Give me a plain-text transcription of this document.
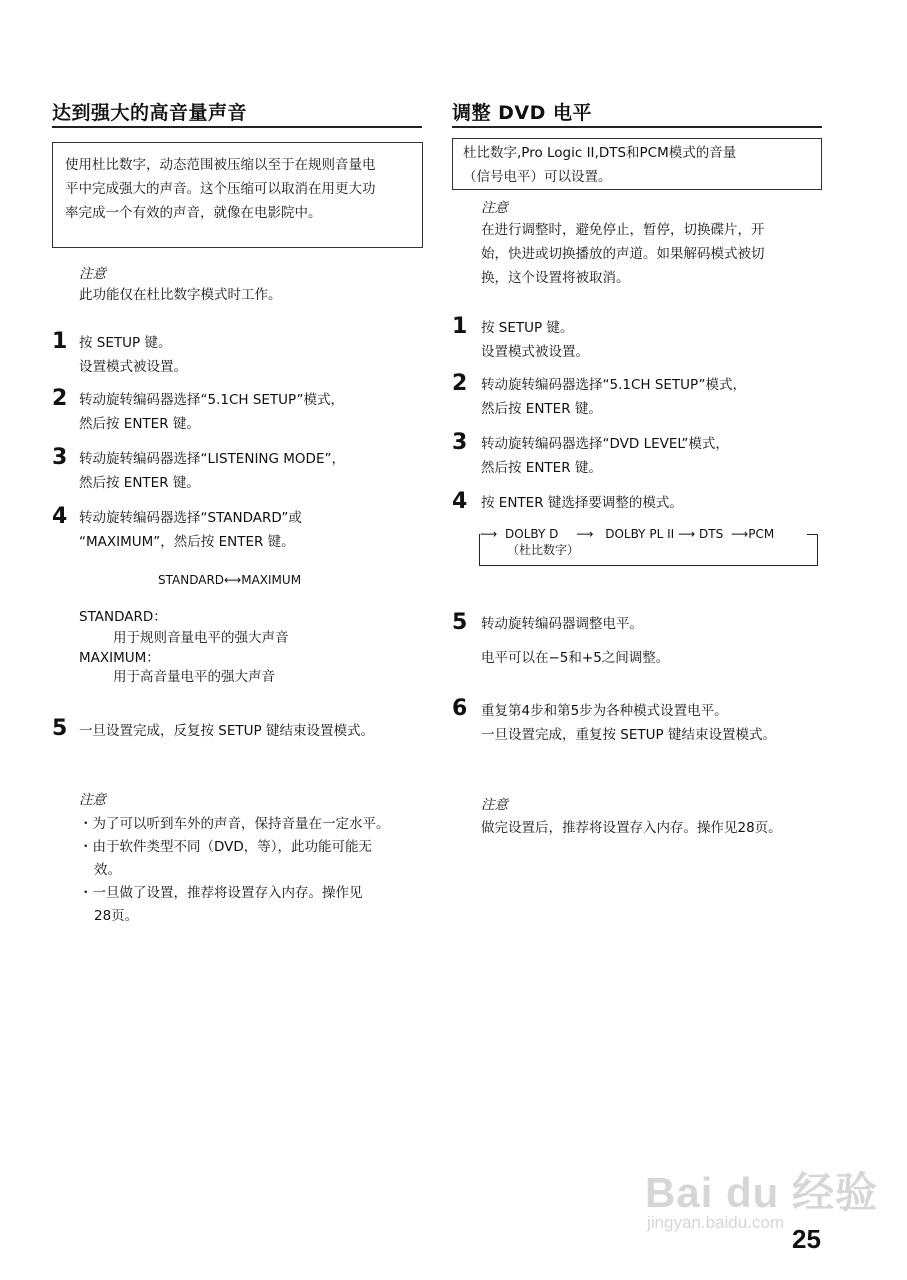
达到强大的高音量声音

使用杜比数字，动态范围被压缩以至于在规则音量电

平中完成强大的声音。这个压缩可以取消在用更大功

率完成一个有效的声音，就像在电影院中。

注意
此功能仅在杜比数字模式时工作。
1 按 SETUP 键。
设置模式被设置。
2 转动旋转编码器选择“5.1CH SETUP”模式，
然后按 ENTER 键。
3 转动旋转编码器选择“LISTENING MODE”，
然后按 ENTER 键。
4 转动旋转编码器选择“STANDARD”或
“MAXIMUM”，然后按 ENTER 键。
STANDARD⟷MAXIMUM
STANDARD：
用于规则音量电平的强大声音
MAXIMUM：
用于高音量电平的强大声音
5 一旦设置完成，反复按 SETUP 键结束设置模式。
注意
・为了可以听到车外的声音，保持音量在一定水平。
・由于软件类型不同（DVD，等），此功能可能无
效。
・一旦做了设置，推荐将设置存入内存。操作见
28页。
调整 DVD 电平

杜比数字,Pro Logic II,DTS和PCM模式的音量

（信号电平）可以设置。

注意
在进行调整时，避免停止，暂停，切换碟片，开
始，快进或切换播放的声道。如果解码模式被切
换，这个设置将被取消。
1 按 SETUP 键。
设置模式被设置。
2 转动旋转编码器选择“5.1CH SETUP”模式，
然后按 ENTER 键。
3 转动旋转编码器选择“DVD LEVEL”模式，
然后按 ENTER 键。
4 按 ENTER 键选择要调整的模式。
⟶ DOLBY D ⟶ DOLBY PL II ⟶ DTS ⟶PCM
（杜比数字）
5 转动旋转编码器调整电平。
电平可以在−5和+5之间调整。
6 重复第4步和第5步为各种模式设置电平。
一旦设置完成，重复按 SETUP 键结束设置模式。
注意
做完设置后，推荐将设置存入内存。操作见28页。
Bai du 经验
jingyan.baidu.com
25
